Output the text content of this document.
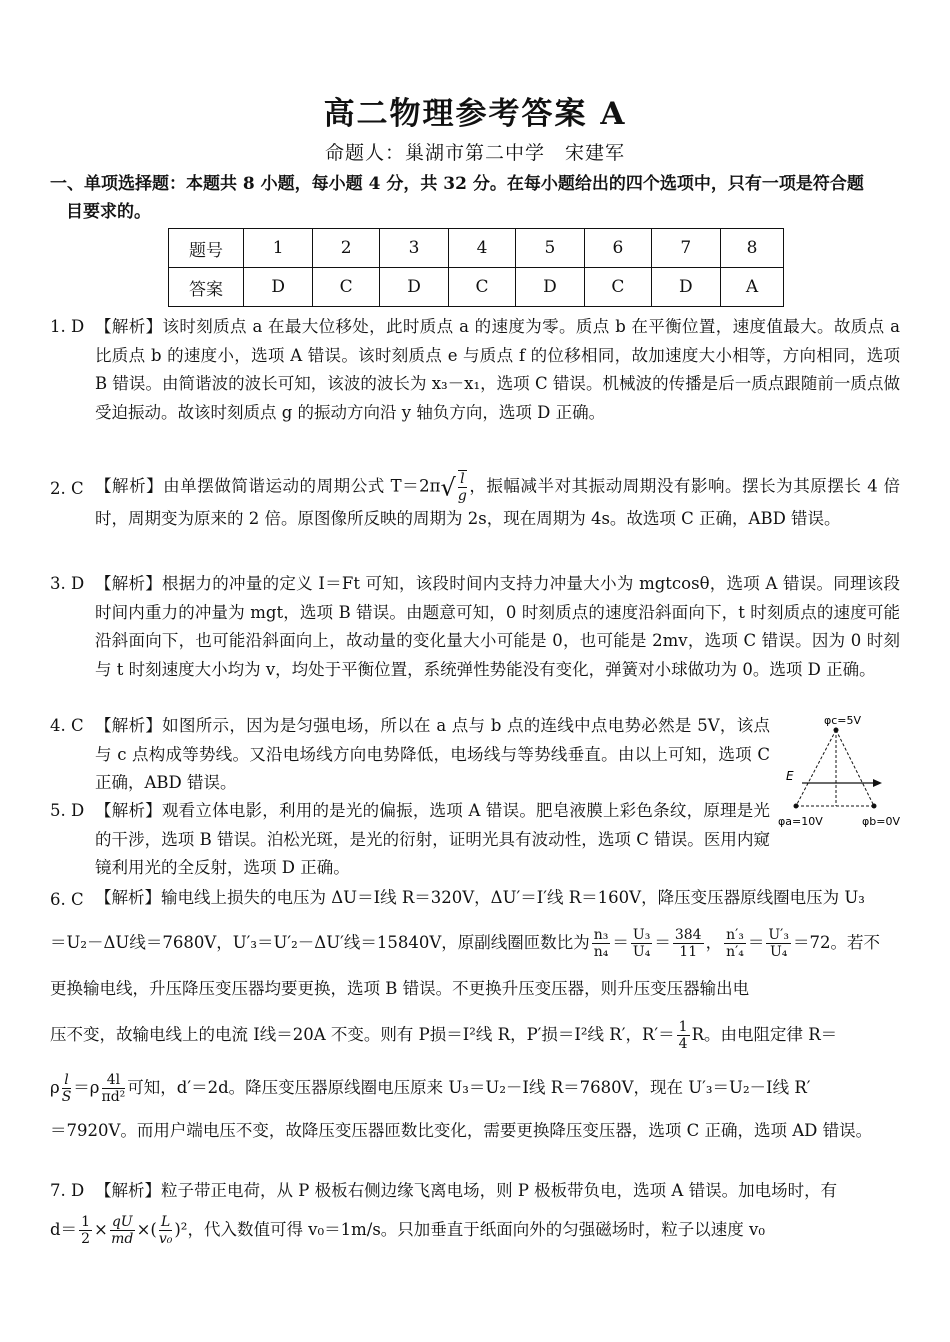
高二物理参考答案 A
命题人：巢湖市第二中学　宋建军
一、单项选择题：本题共 8 小题，每小题 4 分，共 32 分。在每小题给出的四个选项中，只有一项是符合题
目要求的。
题号	1	2	3	4	5	6	7	8
答案	D	C	D	C	D	C	D	A
1. D 【解析】该时刻质点 a 在最大位移处，此时质点 a 的速度为零。质点 b 在平衡位置，速度值最大。故质点 a 比质点 b 的速度小，选项 A 错误。该时刻质点 e 与质点 f 的位移相同，故加速度大小相等，方向相同，选项 B 错误。由简谐波的波长可知，该波的波长为 x₃－x₁，选项 C 错误。机械波的传播是后一质点跟随前一质点做受迫振动。故该时刻质点 g 的振动方向沿 y 轴负方向，选项 D 正确。
2. C 【解析】由单摆做简谐运动的周期公式 $T=2\pi√ \frac{l}{g}$ ，振幅减半对其振动周期没有影响。摆长为其原摆长 4 倍时，周期变为原来的 2 倍。原图像所反映的周期为 2s，现在周期为 4s。故选项 C 正确，ABD 错误。
3. D 【解析】根据力的冲量的定义 I＝Ft 可知，该段时间内支持力冲量大小为 mgtcosθ，选项 A 错误。同理该段时间内重力的冲量为 mgt，选项 B 错误。由题意可知，0 时刻质点的速度沿斜面向下，t 时刻质点的速度可能沿斜面向下，也可能沿斜面向上，故动量的变化量大小可能是 0，也可能是 2mv，选项 C 错误。因为 0 时刻与 t 时刻速度大小均为 v，均处于平衡位置，系统弹性势能没有变化，弹簧对小球做功为 0。选项 D 正确。
4. C 【解析】如图所示，因为是匀强电场，所以在 a 点与 b 点的连线中点电势必然是 5V，该点与 c 点构成等势线。又沿电场线方向电势降低，电场线与等势线垂直。由以上可知，选项 C 正确，ABD 错误。
φc=5V
E
φa=10V	φb=0V
5. D 【解析】观看立体电影，利用的是光的偏振，选项 A 错误。肥皂液膜上彩色条纹，原理是光的干涉，选项 B 错误。泊松光斑，是光的衍射，证明光具有波动性，选项 C 错误。医用内窥镜利用光的全反射，选项 D 正确。
6. C 【解析】输电线上损失的电压为 ΔU＝I线 R＝320V，ΔU′＝I′线 R＝160V，降压变压器原线圈电压为 U₃
＝U₂－ΔU线＝7680V，U′₃＝U′₂－ΔU′线＝15840V，原副线圈匝数比为 $\frac{\text{n₃}}{\text{n₄}} = \frac{\text{U₃}}{\text{U₄}} = \frac{384}{11}$ ， $\frac{\text{n′₃}}{\text{n′₄}} = \frac{\text{U′₃}}{\text{U₄}} =72$。若不
更换输电线，升压降压变压器均要更换，选项 B 错误。不更换升压变压器，则升压变压器输出电
压不变，故输电线上的电流 I线＝20A 不变。则有 P损＝I²线 R，P′损＝I²线 R′，$R'= \frac{1}{4}$ R。由电阻定律 R＝
ρ $\frac{l}{S} =\rho \frac{4l}{\text{πd²}}$ 可知，d′＝2d。降压变压器原线圈电压原来 U₃＝U₂－I线 R＝7680V，现在 U′₃＝U₂－I线 R′
＝7920V。而用户端电压不变，故降压变压器匝数比变化，需要更换降压变压器，选项 C 正确，选项 AD 错误。
7. D 【解析】粒子带正电荷，从 P 极板右侧边缘飞离电场，则 P 极板带负电，选项 A 错误。加电场时，有
$d= \frac{1}{2} \times \frac{qU}{md}$ ×( $\frac{L}{\text{v₀}} )^2$，代入数值可得 v₀＝1m/s。只加垂直于纸面向外的匀强磁场时，粒子以速度 v₀
